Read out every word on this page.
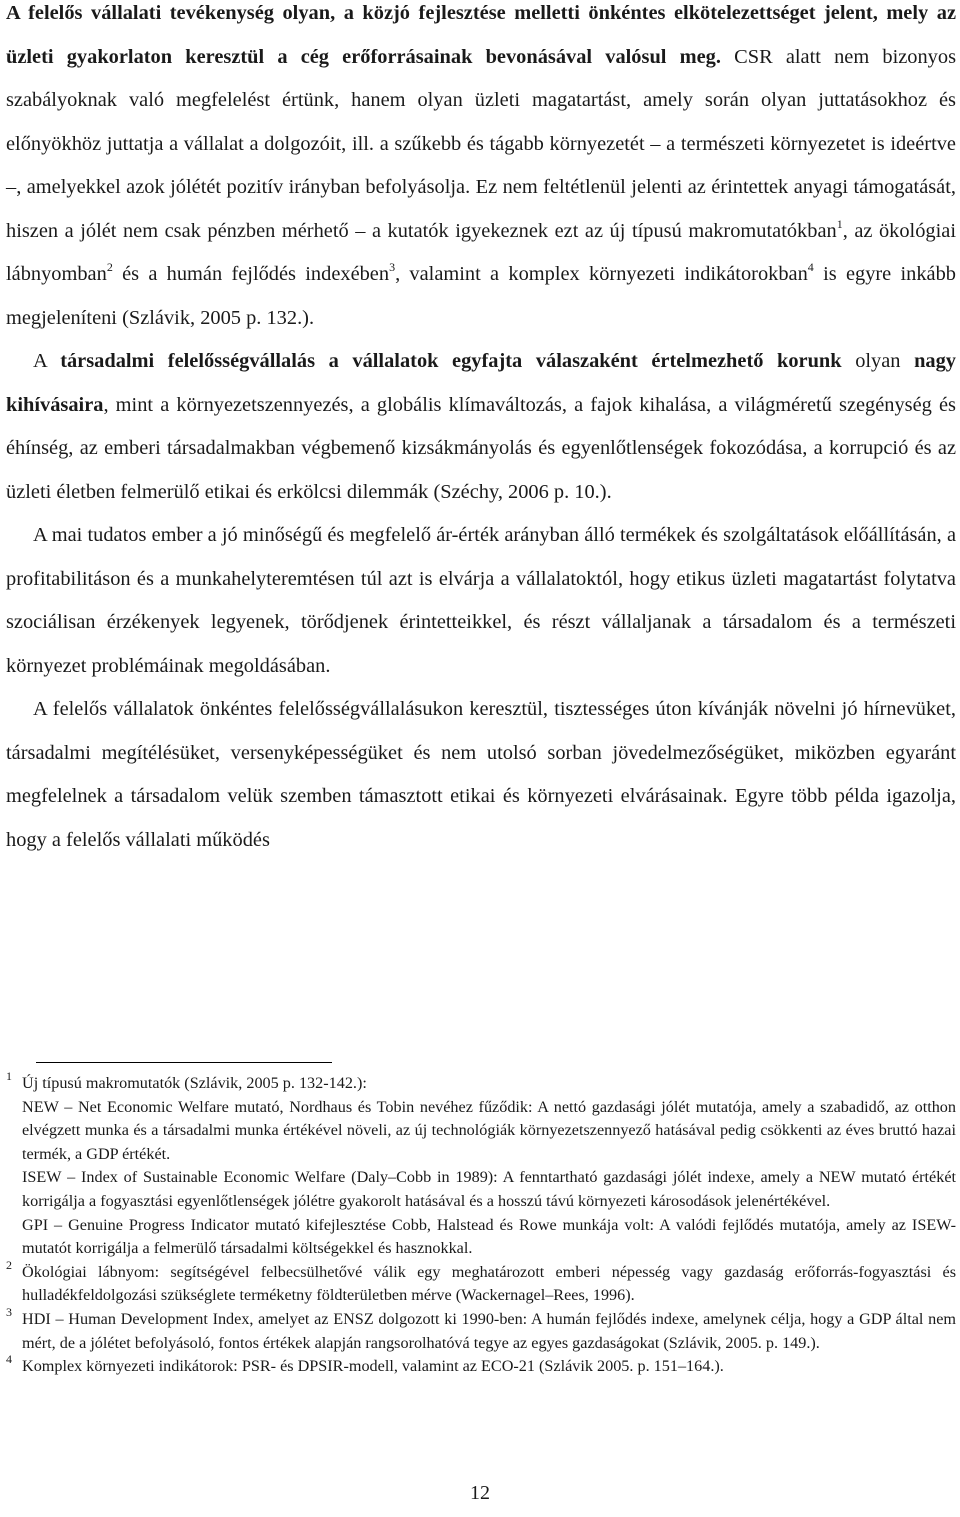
A felelős vállalati tevékenység olyan, a közjó fejlesztése melletti önkéntes elkötelezettséget jelent, mely az üzleti gyakorlaton keresztül a cég erőforrásainak bevonásával valósul meg. CSR alatt nem bizonyos szabályoknak való megfelelést értünk, hanem olyan üzleti magatartást, amely során olyan juttatásokhoz és előnyökhöz juttatja a vállalat a dolgozóit, ill. a szűkebb és tágabb környezetét – a természeti környezetet is ideértve –, amelyekkel azok jólétét pozitív irányban befolyásolja. Ez nem feltétlenül jelenti az érintettek anyagi támogatását, hiszen a jólét nem csak pénzben mérhető – a kutatók igyekeznek ezt az új típusú makromutatókban$^1$, az ökológiai lábnyomban$^2$ és a humán fejlődés indexében$^3$, valamint a komplex környezeti indikátorokban$^4$ is egyre inkább megjeleníteni (Szlávik, 2005 p. 132.).

A társadalmi felelősségvállalás a vállalatok egyfajta válaszaként értelmezhető korunk olyan nagy kihívásaira, mint a környezetszennyezés, a globális klímaváltozás, a fajok kihalása, a világméretű szegénység és éhínség, az emberi társadalmakban végbemenő kizsákmányolás és egyenlőtlenségek fokozódása, a korrupció és az üzleti életben felmerülő etikai és erkölcsi dilemmák (Széchy, 2006 p. 10.).

A mai tudatos ember a jó minőségű és megfelelő ár-érték arányban álló termékek és szolgáltatások előállításán, a profitabilitáson és a munkahelyteremtésen túl azt is elvárja a vállalatoktól, hogy etikus üzleti magatartást folytatva szociálisan érzékenyek legyenek, törődjenek érintetteikkel, és részt vállaljanak a társadalom és a természeti környezet problémáinak megoldásában.

A felelős vállalatok önkéntes felelősségvállalásukon keresztül, tisztességes úton kívánják növelni jó hírnevüket, társadalmi megítélésüket, versenyképességüket és nem utolsó sorban jövedelmezőségüket, miközben egyaránt megfelelnek a társadalom velük szemben támasztott etikai és környezeti elvárásainak. Egyre több példa igazolja, hogy a felelős vállalati működés

1 Új típusú makromutatók (Szlávik, 2005 p. 132-142.):

NEW – Net Economic Welfare mutató, Nordhaus és Tobin nevéhez fűződik: A nettó gazdasági jólét mutatója, amely a szabadidő, az otthon elvégzett munka és a társadalmi munka értékével növeli, az új technológiák környezetszennyező hatásával pedig csökkenti az éves bruttó hazai termék, a GDP értékét.

ISEW – Index of Sustainable Economic Welfare (Daly–Cobb in 1989): A fenntartható gazdasági jólét indexe, amely a NEW mutató értékét korrigálja a fogyasztási egyenlőtlenségek jólétre gyakorolt hatásával és a hosszú távú környezeti károsodások jelenértékével.

GPI – Genuine Progress Indicator mutató kifejlesztése Cobb, Halstead és Rowe munkája volt: A valódi fejlődés mutatója, amely az ISEW-mutatót korrigálja a felmerülő társadalmi költségekkel és hasznokkal.

2 Ökológiai lábnyom: segítségével felbecsülhetővé válik egy meghatározott emberi népesség vagy gazdaság erőforrás-fogyasztási és hulladékfeldolgozási szükséglete terméketny földterületben mérve (Wackernagel–Rees, 1996).

3 HDI – Human Development Index, amelyet az ENSZ dolgozott ki 1990-ben: A humán fejlődés indexe, amelynek célja, hogy a GDP által nem mért, de a jólétet befolyásoló, fontos értékek alapján rangsorolhatóvá tegye az egyes gazdaságokat (Szlávik, 2005. p. 149.).

4 Komplex környezeti indikátorok: PSR- és DPSIR-modell, valamint az ECO-21 (Szlávik 2005. p. 151–164.).

12
